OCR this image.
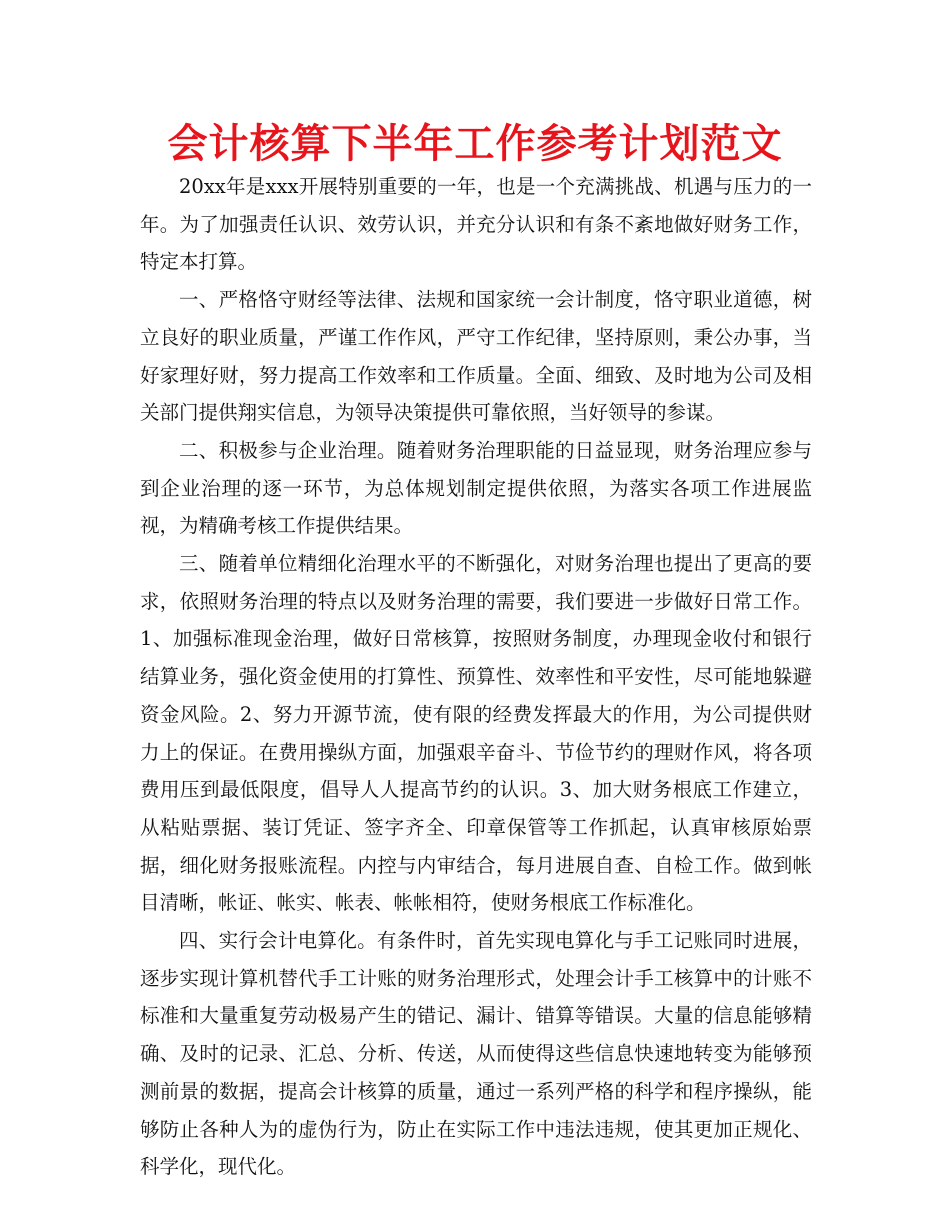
会计核算下半年工作参考计划范文

20xx年是xxx开展特别重要的一年，也是一个充满挑战、机遇与压力的一年。为了加强责任认识、效劳认识，并充分认识和有条不紊地做好财务工作，特定本打算。

一、严格恪守财经等法律、法规和国家统一会计制度，恪守职业道德，树立良好的职业质量，严谨工作作风，严守工作纪律，坚持原则，秉公办事，当好家理好财，努力提高工作效率和工作质量。全面、细致、及时地为公司及相关部门提供翔实信息，为领导决策提供可靠依照，当好领导的参谋。

二、积极参与企业治理。随着财务治理职能的日益显现，财务治理应参与到企业治理的逐一环节，为总体规划制定提供依照，为落实各项工作进展监视，为精确考核工作提供结果。

三、随着单位精细化治理水平的不断强化，对财务治理也提出了更高的要求，依照财务治理的特点以及财务治理的需要，我们要进一步做好日常工作。1、加强标准现金治理，做好日常核算，按照财务制度，办理现金收付和银行结算业务，强化资金使用的打算性、预算性、效率性和平安性，尽可能地躲避资金风险。2、努力开源节流，使有限的经费发挥最大的作用，为公司提供财力上的保证。在费用操纵方面，加强艰辛奋斗、节俭节约的理财作风，将各项费用压到最低限度，倡导人人提高节约的认识。3、加大财务根底工作建立，从粘贴票据、装订凭证、签字齐全、印章保管等工作抓起，认真审核原始票据，细化财务报账流程。内控与内审结合，每月进展自查、自检工作。做到帐目清晰，帐证、帐实、帐表、帐帐相符，使财务根底工作标准化。

四、实行会计电算化。有条件时，首先实现电算化与手工记账同时进展，逐步实现计算机替代手工计账的财务治理形式，处理会计手工核算中的计账不标准和大量重复劳动极易产生的错记、漏计、错算等错误。大量的信息能够精确、及时的记录、汇总、分析、传送，从而使得这些信息快速地转变为能够预测前景的数据，提高会计核算的质量，通过一系列严格的科学和程序操纵，能够防止各种人为的虚伪行为，防止在实际工作中违法违规，使其更加正规化、科学化，现代化。
